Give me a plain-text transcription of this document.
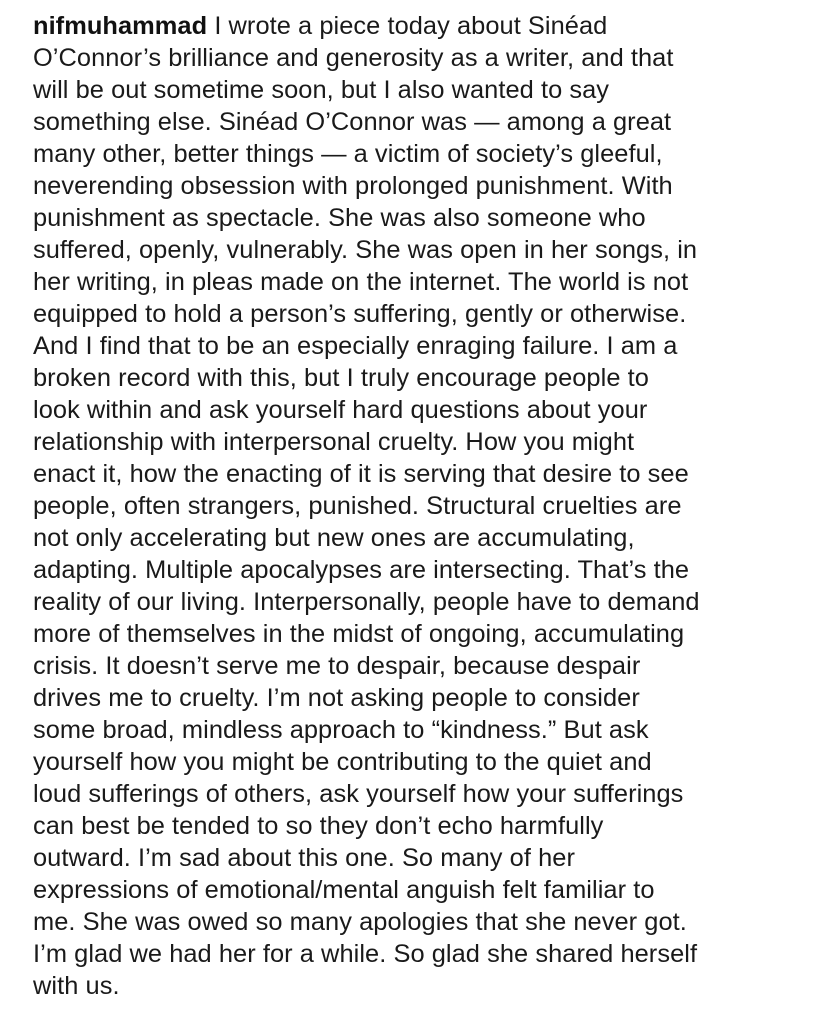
nifmuhammad I wrote a piece today about Sinéad

O’Connor’s brilliance and generosity as a writer, and that

will be out sometime soon, but I also wanted to say

something else. Sinéad O’Connor was — among a great

many other, better things — a victim of society’s gleeful,

neverending obsession with prolonged punishment. With

punishment as spectacle. She was also someone who

suffered, openly, vulnerably. She was open in her songs, in

her writing, in pleas made on the internet. The world is not

equipped to hold a person’s suffering, gently or otherwise.

And I find that to be an especially enraging failure. I am a

broken record with this, but I truly encourage people to

look within and ask yourself hard questions about your

relationship with interpersonal cruelty. How you might

enact it, how the enacting of it is serving that desire to see

people, often strangers, punished. Structural cruelties are

not only accelerating but new ones are accumulating,

adapting. Multiple apocalypses are intersecting. That’s the

reality of our living. Interpersonally, people have to demand

more of themselves in the midst of ongoing, accumulating

crisis. It doesn’t serve me to despair, because despair

drives me to cruelty. I’m not asking people to consider

some broad, mindless approach to “kindness.” But ask

yourself how you might be contributing to the quiet and

loud sufferings of others, ask yourself how your sufferings

can best be tended to so they don’t echo harmfully

outward. I’m sad about this one. So many of her

expressions of emotional/mental anguish felt familiar to

me. She was owed so many apologies that she never got.

I’m glad we had her for a while. So glad she shared herself

with us.
